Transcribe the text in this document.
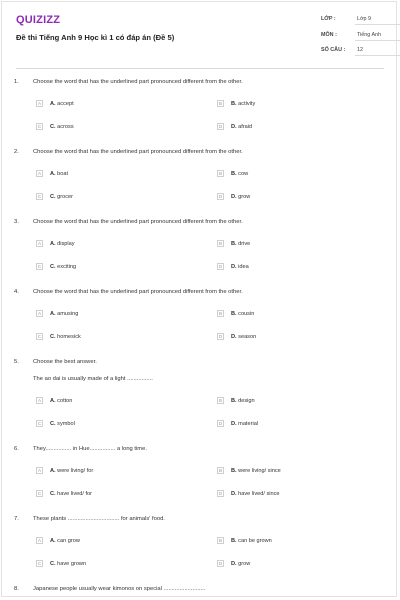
QUIZIZZ
Đề thi Tiếng Anh 9 Học kì 1 có đáp án (Đề 5)
LỚP :	Lớp 9
MÔN :	Tiếng Anh
SỐ CÂU : 12
1. Choose the word that has the underlined part pronounced different from the other.
A	A. accept	B	B. activity
C	C. across	D	D. afraid
2. Choose the word that has the underlined part pronounced different from the other.
A	A. boat	B	B. cow
C	C. grocer	D	D. grow
3. Choose the word that has the underlined part pronounced different from the other.
A	A. display	B	B. drive
C	C. exciting	D	D. idea
4. Choose the word that has the underlined part pronounced different from the other.
A	A. amusing	B	B. cousin
C	C. homesick	D	D. season
5. Choose the best answer.
The ao dai is usually made of a light ................
A	A. cotton	B	B. design
C	C. symbol	D	D. material
6. They................ in Hue................ a long time.
A	A. were living/ for	B	B. were living/ since
C	C. have lived/ for	D	D. have lived/ since
7. These plants ................................ for animals' food.
A	A. can grow	B	B. can be grown
C	C. have grown	D	D. grow
8. Japanese people usually wear kimonos on special ..........................
